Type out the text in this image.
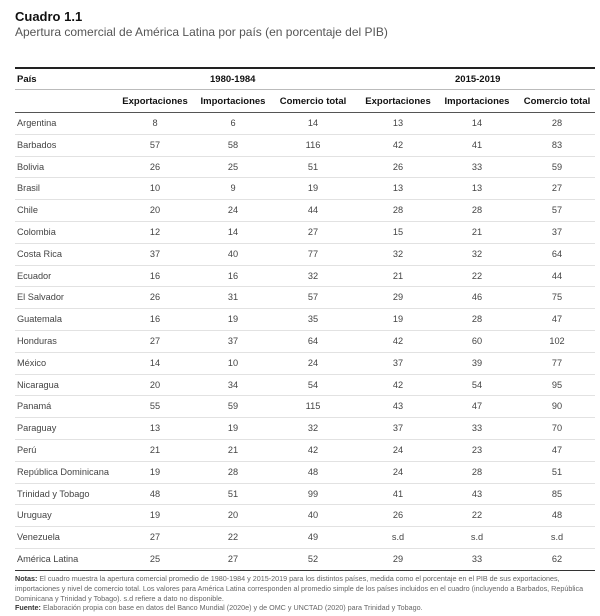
Cuadro 1.1
Apertura comercial de América Latina por país (en porcentaje del PIB)
País	1980-1984	2015-2019
Exportaciones	Importaciones	Comercio total	Exportaciones	Importaciones	Comercio total
Argentina	8	6	14	13	14	28
Barbados	57	58	116	42	41	83
Bolivia	26	25	51	26	33	59
Brasil	10	9	19	13	13	27
Chile	20	24	44	28	28	57
Colombia	12	14	27	15	21	37
Costa Rica	37	40	77	32	32	64
Ecuador	16	16	32	21	22	44
El Salvador	26	31	57	29	46	75
Guatemala	16	19	35	19	28	47
Honduras	27	37	64	42	60	102
México	14	10	24	37	39	77
Nicaragua	20	34	54	42	54	95
Panamá	55	59	115	43	47	90
Paraguay	13	19	32	37	33	70
Perú	21	21	42	24	23	47
República Dominicana	19	28	48	24	28	51
Trinidad y Tobago	48	51	99	41	43	85
Uruguay	19	20	40	26	22	48
Venezuela	27	22	49	s.d	s.d	s.d
América Latina	25	27	52	29	33	62
Notas: El cuadro muestra la apertura comercial promedio de 1980-1984 y 2015-2019 para los distintos países, medida como el porcentaje en el PIB de sus exportaciones, importaciones y nivel de comercio total. Los valores para América Latina corresponden al promedio simple de los países incluidos en el cuadro (incluyendo a Barbados, República Dominicana y Trinidad y Tobago). s.d refiere a dato no disponible.
Fuente: Elaboración propia con base en datos del Banco Mundial (2020e) y de OMC y UNCTAD (2020) para Trinidad y Tobago.
